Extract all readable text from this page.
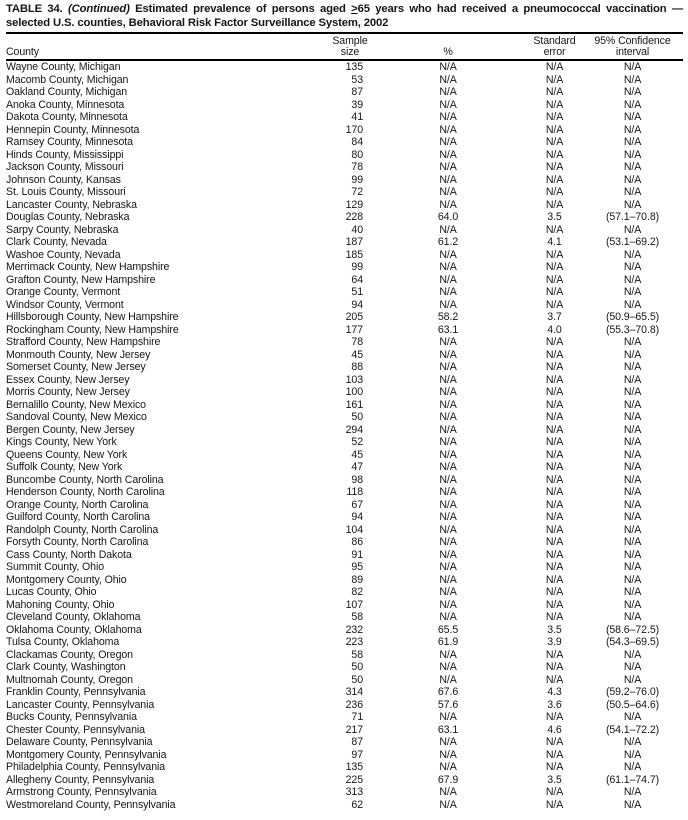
TABLE 34. (Continued) Estimated prevalence of persons aged ≥65 years who had received a pneumococcal vaccination —
selected U.S. counties, Behavioral Risk Factor Surveillance System, 2002
	Sample		Standard	95% Confidence
County	size	%	error	interval
Wayne County, Michigan	135	N/A	N/A	N/A
Macomb County, Michigan	53	N/A	N/A	N/A
Oakland County, Michigan	87	N/A	N/A	N/A
Anoka County, Minnesota	39	N/A	N/A	N/A
Dakota County, Minnesota	41	N/A	N/A	N/A
Hennepin County, Minnesota	170	N/A	N/A	N/A
Ramsey County, Minnesota	84	N/A	N/A	N/A
Hinds County, Mississippi	80	N/A	N/A	N/A
Jackson County, Missouri	78	N/A	N/A	N/A
Johnson County, Kansas	99	N/A	N/A	N/A
St. Louis County, Missouri	72	N/A	N/A	N/A
Lancaster County, Nebraska	129	N/A	N/A	N/A
Douglas County, Nebraska	228	64.0	3.5	(57.1–70.8)
Sarpy County, Nebraska	40	N/A	N/A	N/A
Clark County, Nevada	187	61.2	4.1	(53.1–69.2)
Washoe County, Nevada	185	N/A	N/A	N/A
Merrimack County, New Hampshire	99	N/A	N/A	N/A
Grafton County, New Hampshire	64	N/A	N/A	N/A
Orange County, Vermont	51	N/A	N/A	N/A
Windsor County, Vermont	94	N/A	N/A	N/A
Hillsborough County, New Hampshire	205	58.2	3.7	(50.9–65.5)
Rockingham County, New Hampshire	177	63.1	4.0	(55.3–70.8)
Strafford County, New Hampshire	78	N/A	N/A	N/A
Monmouth County, New Jersey	45	N/A	N/A	N/A
Somerset County, New Jersey	88	N/A	N/A	N/A
Essex County, New Jersey	103	N/A	N/A	N/A
Morris County, New Jersey	100	N/A	N/A	N/A
Bernalillo County, New Mexico	161	N/A	N/A	N/A
Sandoval County, New Mexico	50	N/A	N/A	N/A
Bergen County, New Jersey	294	N/A	N/A	N/A
Kings County, New York	52	N/A	N/A	N/A
Queens County, New York	45	N/A	N/A	N/A
Suffolk County, New York	47	N/A	N/A	N/A
Buncombe County, North Carolina	98	N/A	N/A	N/A
Henderson County, North Carolina	118	N/A	N/A	N/A
Orange County, North Carolina	67	N/A	N/A	N/A
Guilford County, North Carolina	94	N/A	N/A	N/A
Randolph County, North Carolina	104	N/A	N/A	N/A
Forsyth County, North Carolina	86	N/A	N/A	N/A
Cass County, North Dakota	91	N/A	N/A	N/A
Summit County, Ohio	95	N/A	N/A	N/A
Montgomery County, Ohio	89	N/A	N/A	N/A
Lucas County, Ohio	82	N/A	N/A	N/A
Mahoning County, Ohio	107	N/A	N/A	N/A
Cleveland County, Oklahoma	58	N/A	N/A	N/A
Oklahoma County, Oklahoma	232	65.5	3.5	(58.6–72.5)
Tulsa County, Oklahoma	223	61.9	3.9	(54.3–69.5)
Clackamas County, Oregon	58	N/A	N/A	N/A
Clark County, Washington	50	N/A	N/A	N/A
Multnomah County, Oregon	50	N/A	N/A	N/A
Franklin County, Pennsylvania	314	67.6	4.3	(59.2–76.0)
Lancaster County, Pennsylvania	236	57.6	3.6	(50.5–64.6)
Bucks County, Pennsylvania	71	N/A	N/A	N/A
Chester County, Pennsylvania	217	63.1	4.6	(54.1–72.2)
Delaware County, Pennsylvania	87	N/A	N/A	N/A
Montgomery County, Pennsylvania	97	N/A	N/A	N/A
Philadelphia County, Pennsylvania	135	N/A	N/A	N/A
Allegheny County, Pennsylvania	225	67.9	3.5	(61.1–74.7)
Armstrong County, Pennsylvania	313	N/A	N/A	N/A
Westmoreland County, Pennsylvania	62	N/A	N/A	N/A
